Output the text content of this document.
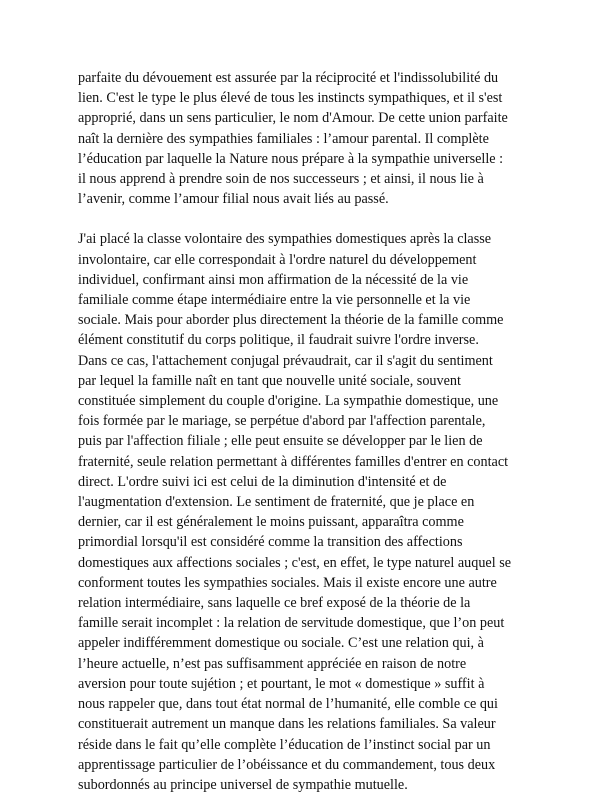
parfaite du dévouement est assurée par la réciprocité et l'indissolubilité du
lien. C'est le type le plus élevé de tous les instincts sympathiques, et il s'est
approprié, dans un sens particulier, le nom d'Amour. De cette union parfaite
naît la dernière des sympathies familiales : l’amour parental. Il complète
l’éducation par laquelle la Nature nous prépare à la sympathie universelle :
il nous apprend à prendre soin de nos successeurs ; et ainsi, il nous lie à
l’avenir, comme l’amour filial nous avait liés au passé.
J'ai placé la classe volontaire des sympathies domestiques après la classe
involontaire, car elle correspondait à l'ordre naturel du développement
individuel, confirmant ainsi mon affirmation de la nécessité de la vie
familiale comme étape intermédiaire entre la vie personnelle et la vie
sociale. Mais pour aborder plus directement la théorie de la famille comme
élément constitutif du corps politique, il faudrait suivre l'ordre inverse.
Dans ce cas, l'attachement conjugal prévaudrait, car il s'agit du sentiment
par lequel la famille naît en tant que nouvelle unité sociale, souvent
constituée simplement du couple d'origine. La sympathie domestique, une
fois formée par le mariage, se perpétue d'abord par l'affection parentale,
puis par l'affection filiale ; elle peut ensuite se développer par le lien de
fraternité, seule relation permettant à différentes familles d'entrer en contact
direct. L'ordre suivi ici est celui de la diminution d'intensité et de
l'augmentation d'extension. Le sentiment de fraternité, que je place en
dernier, car il est généralement le moins puissant, apparaîtra comme
primordial lorsqu'il est considéré comme la transition des affections
domestiques aux affections sociales ; c'est, en effet, le type naturel auquel se
conforment toutes les sympathies sociales. Mais il existe encore une autre
relation intermédiaire, sans laquelle ce bref exposé de la théorie de la
famille serait incomplet : la relation de servitude domestique, que l’on peut
appeler indifféremment domestique ou sociale. C’est une relation qui, à
l’heure actuelle, n’est pas suffisamment appréciée en raison de notre
aversion pour toute sujétion ; et pourtant, le mot « domestique » suffit à
nous rappeler que, dans tout état normal de l’humanité, elle comble ce qui
constituerait autrement un manque dans les relations familiales. Sa valeur
réside dans le fait qu’elle complète l’éducation de l’instinct social par un
apprentissage particulier de l’obéissance et du commandement, tous deux
subordonnés au principe universel de sympathie mutuelle.
